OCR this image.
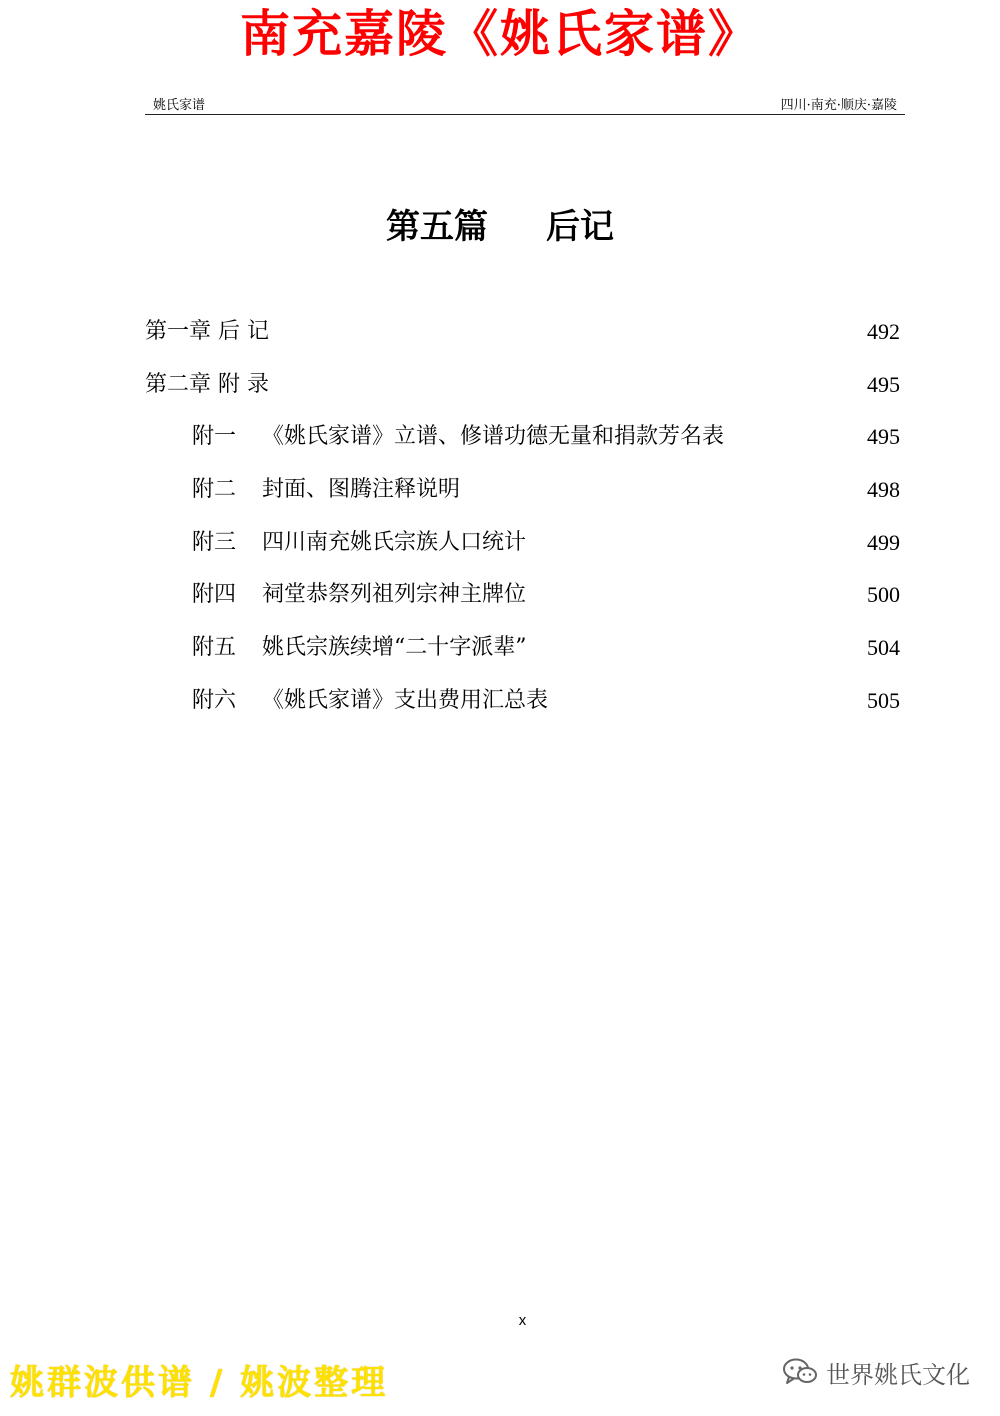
南充嘉陵《姚氏家谱》
姚氏家谱	四川·南充·顺庆·嘉陵
第五篇 后记
第一章 后 记	492
第二章 附 录	495
附一 《姚氏家谱》立谱、修谱功德无量和捐款芳名表	495
附二 封面、图腾注释说明	498
附三 四川南充姚氏宗族人口统计	499
附四 祠堂恭祭列祖列宗神主牌位	500
附五 姚氏宗族续增“二十字派辈”	504
附六 《姚氏家谱》支出费用汇总表	505
x
姚群波供谱 / 姚波整理	世界姚氏文化
